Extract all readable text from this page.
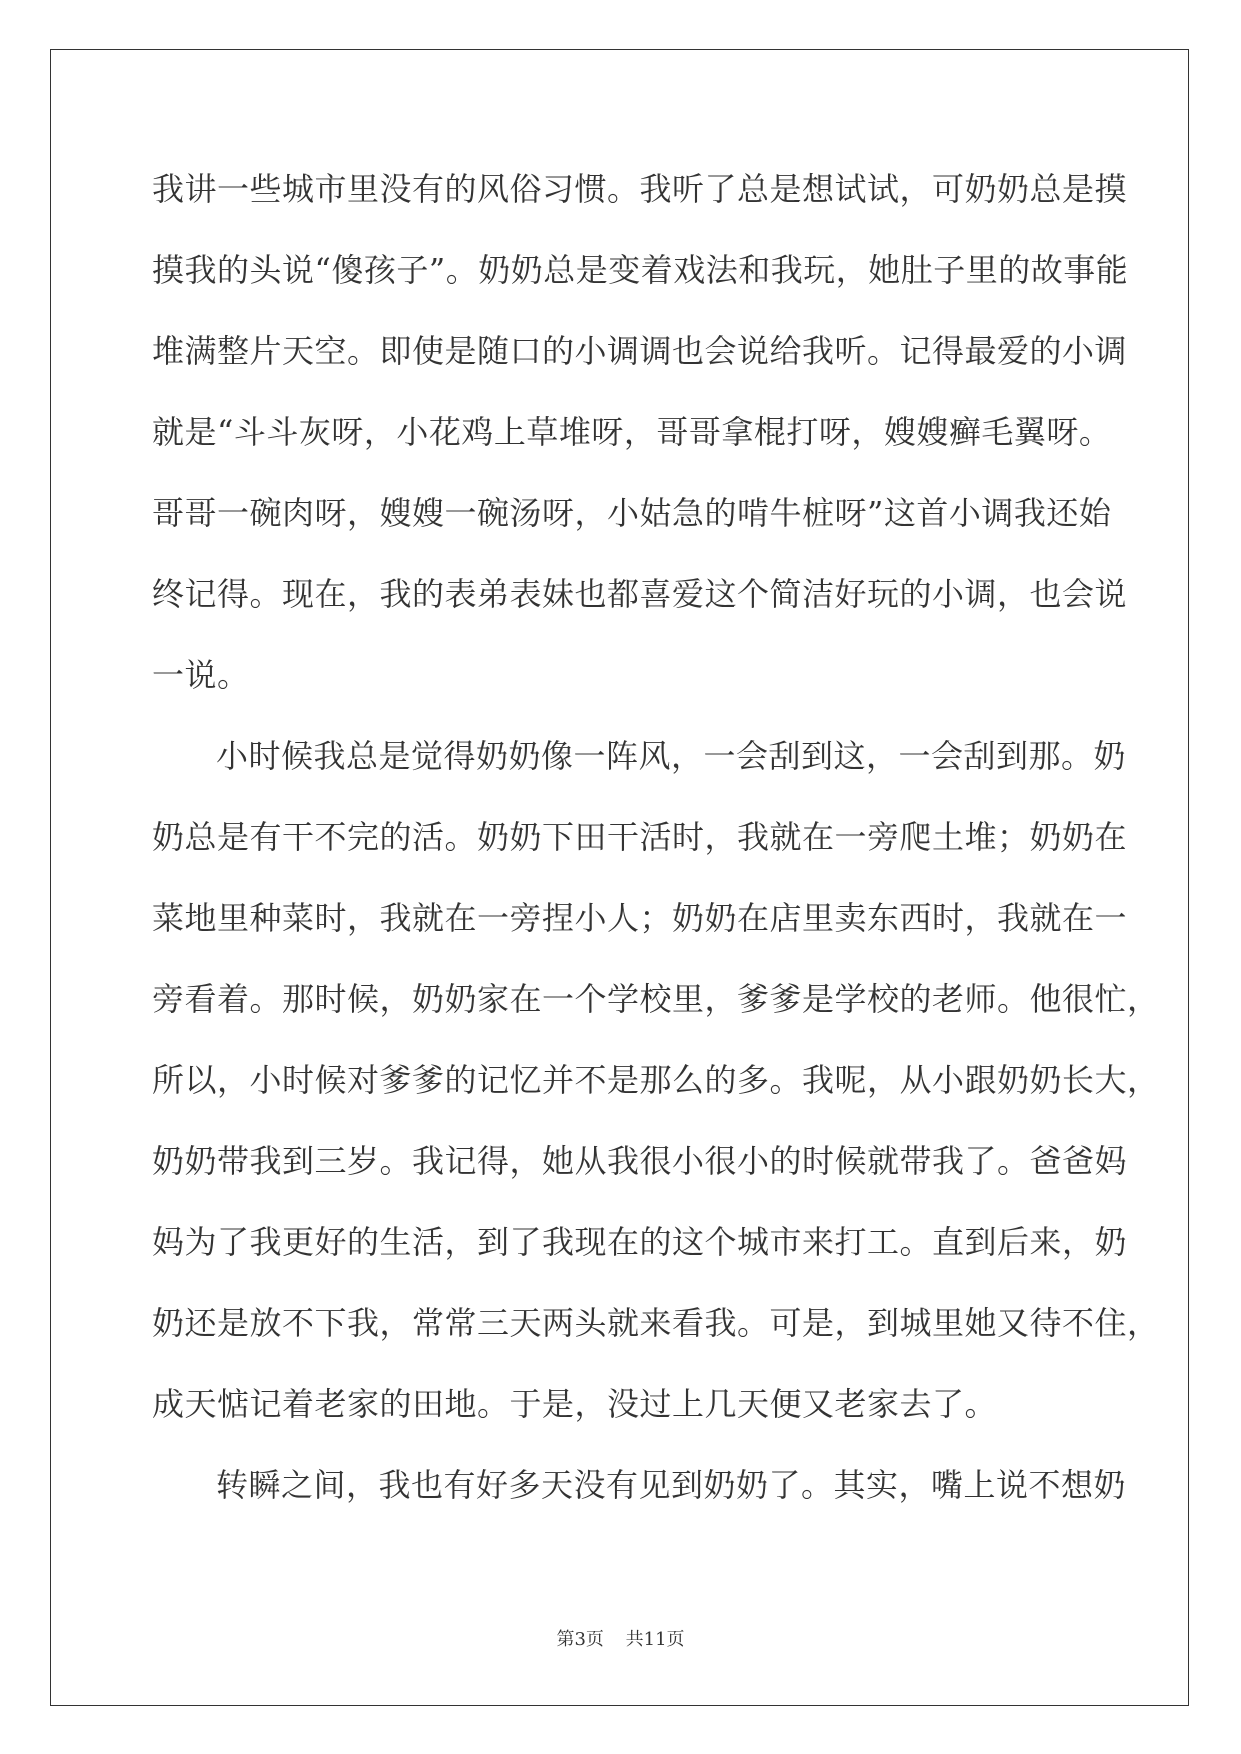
我讲一些城市里没有的风俗习惯。我听了总是想试试，可奶奶总是摸
摸我的头说“傻孩子”。奶奶总是变着戏法和我玩，她肚子里的故事能
堆满整片天空。即使是随口的小调调也会说给我听。记得最爱的小调
就是“斗斗灰呀，小花鸡上草堆呀，哥哥拿棍打呀，嫂嫂癣毛翼呀。
哥哥一碗肉呀，嫂嫂一碗汤呀，小姑急的啃牛桩呀”这首小调我还始
终记得。现在，我的表弟表妹也都喜爱这个简洁好玩的小调，也会说
一说。
小时候我总是觉得奶奶像一阵风，一会刮到这，一会刮到那。奶
奶总是有干不完的活。奶奶下田干活时，我就在一旁爬土堆；奶奶在
菜地里种菜时，我就在一旁捏小人；奶奶在店里卖东西时，我就在一
旁看着。那时候，奶奶家在一个学校里，爹爹是学校的老师。他很忙，
所以，小时候对爹爹的记忆并不是那么的多。我呢，从小跟奶奶长大，
奶奶带我到三岁。我记得，她从我很小很小的时候就带我了。爸爸妈
妈为了我更好的生活，到了我现在的这个城市来打工。直到后来，奶
奶还是放不下我，常常三天两头就来看我。可是，到城里她又待不住，
成天惦记着老家的田地。于是，没过上几天便又老家去了。
转瞬之间，我也有好多天没有见到奶奶了。其实，嘴上说不想奶
第3页 共11页
